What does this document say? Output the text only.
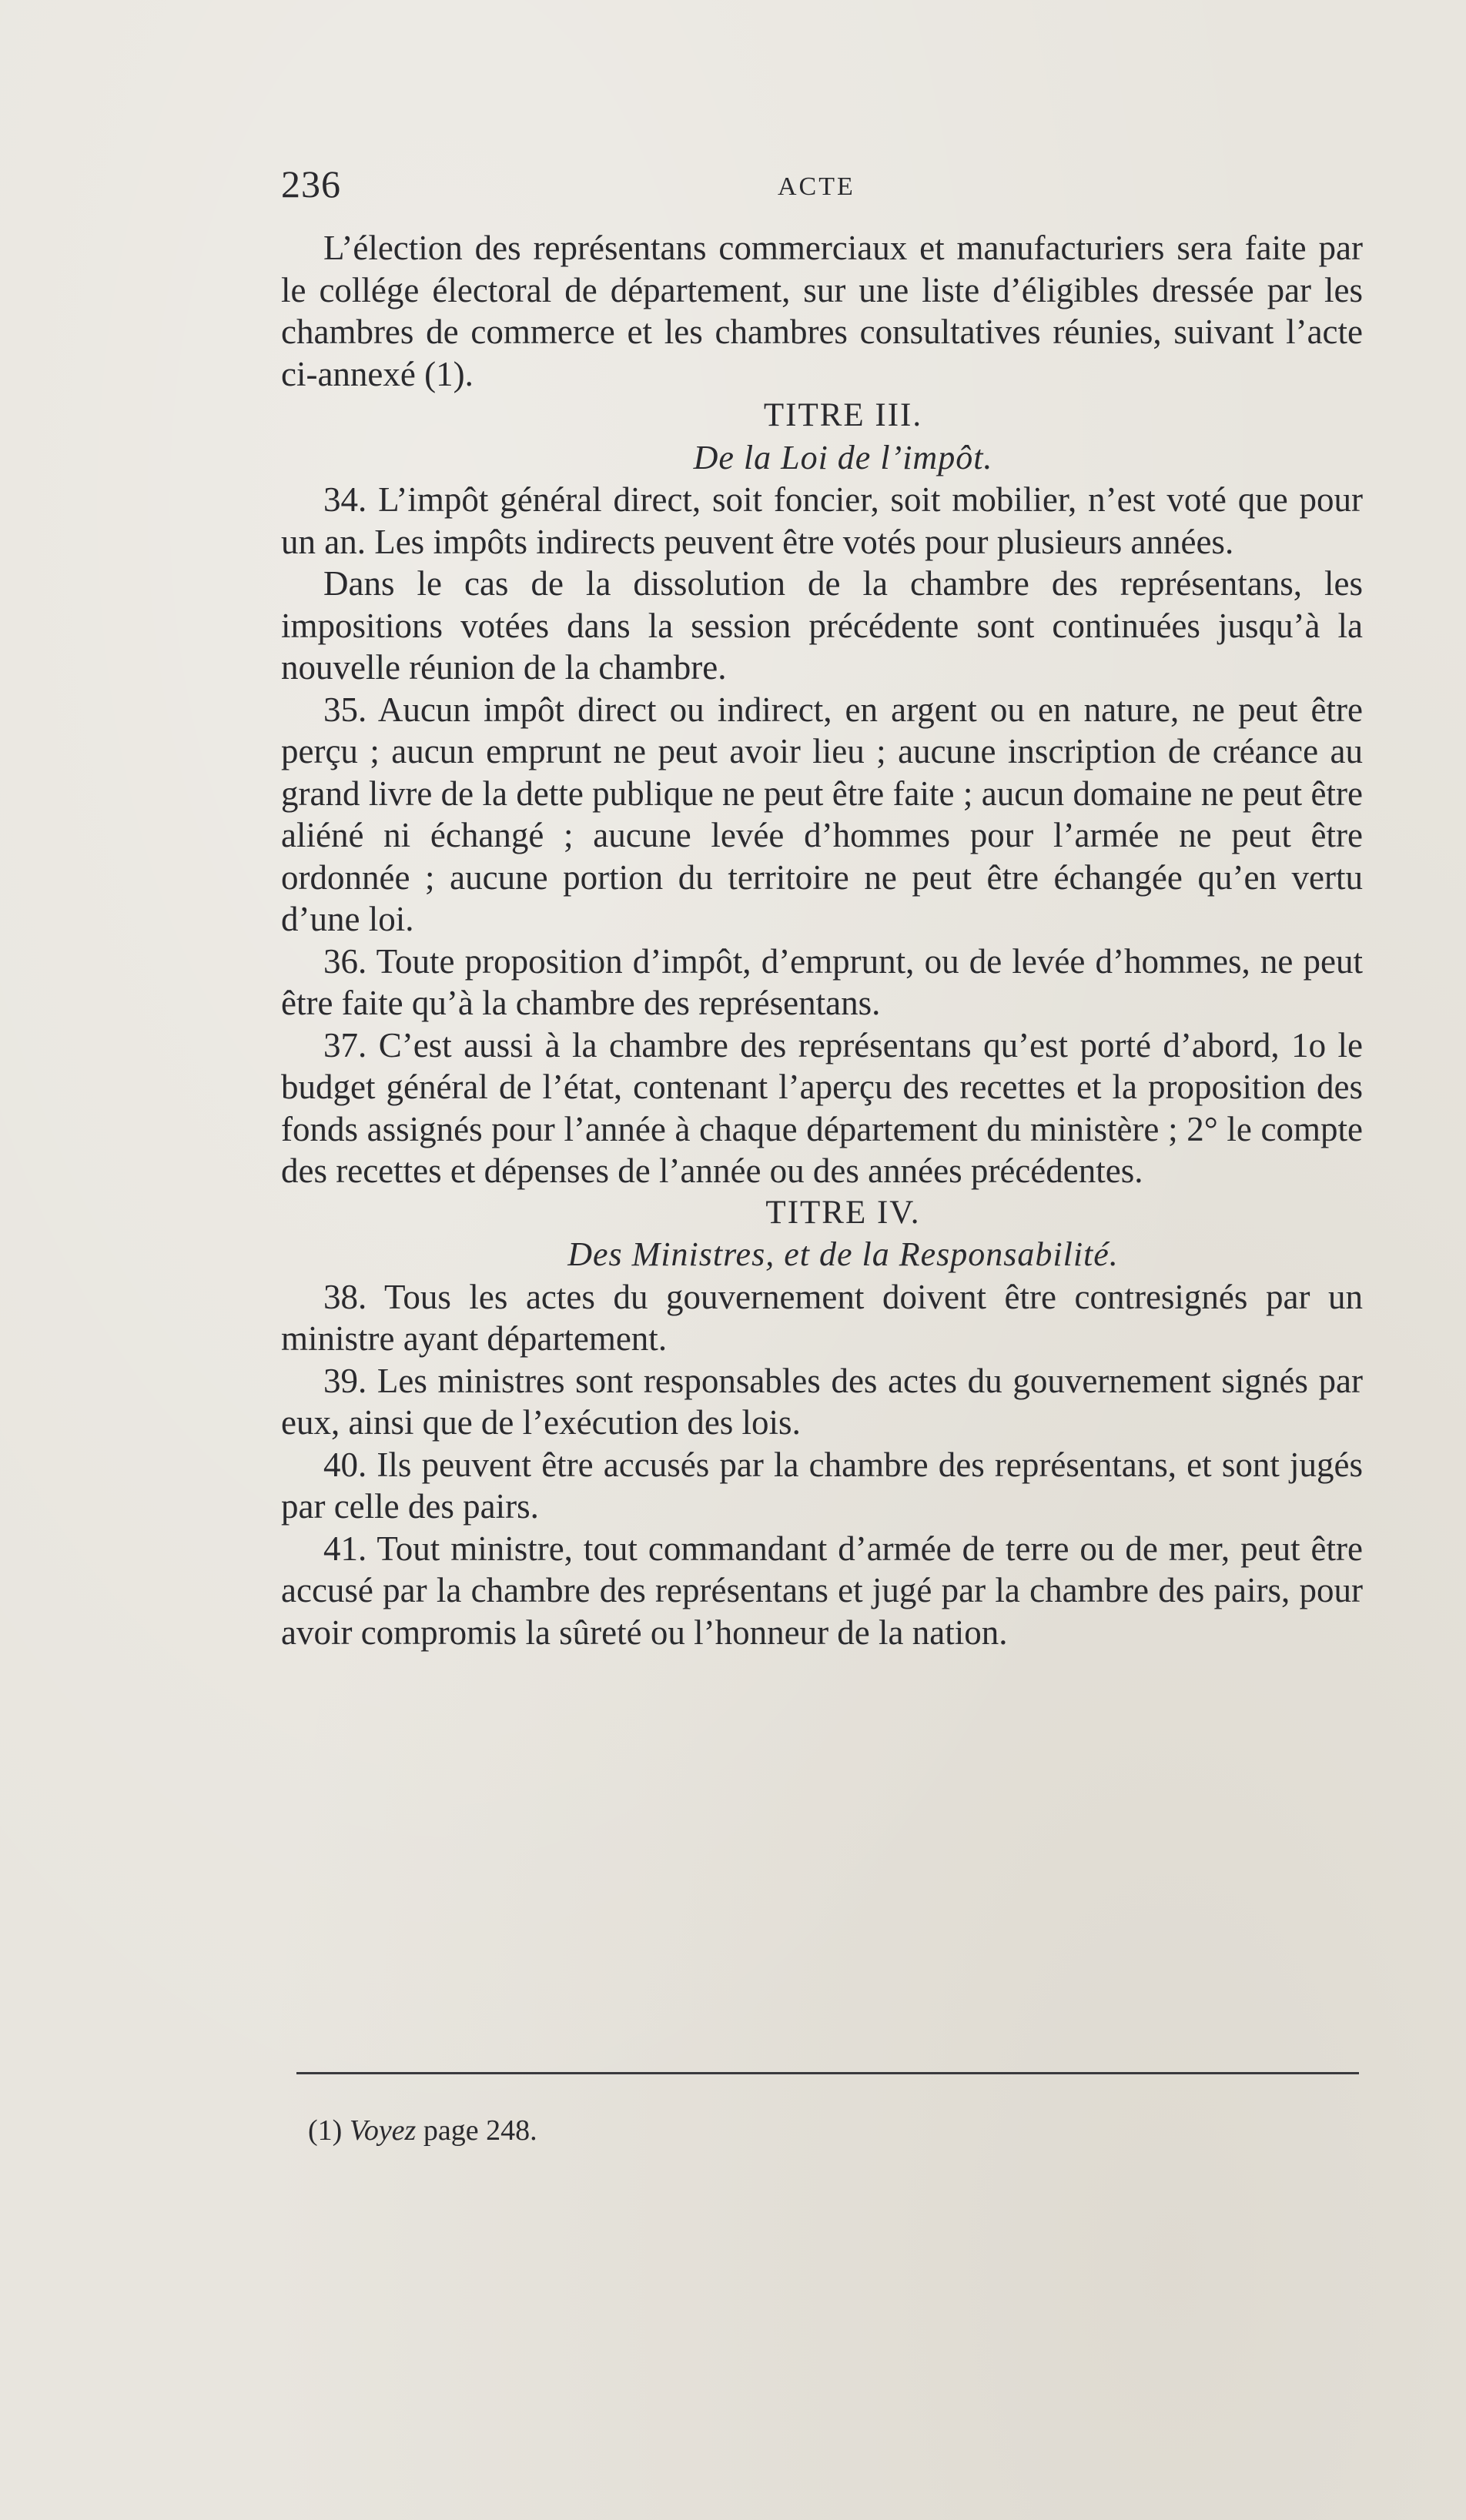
236	ACTE

L’élection des représentans commerciaux et manufacturiers sera faite par le collége électoral de département, sur une liste d’éligibles dressée par les chambres de commerce et les chambres consultatives réunies, suivant l’acte ci-annexé (1).

TITRE III.

De la Loi de l’impôt.

34. L’impôt général direct, soit foncier, soit mobilier, n’est voté que pour un an. Les impôts indirects peuvent être votés pour plusieurs années.

Dans le cas de la dissolution de la chambre des représentans, les impositions votées dans la session précédente sont continuées jusqu’à la nouvelle réunion de la chambre.

35. Aucun impôt direct ou indirect, en argent ou en nature, ne peut être perçu ; aucun emprunt ne peut avoir lieu ; aucune inscription de créance au grand livre de la dette publique ne peut être faite ; aucun domaine ne peut être aliéné ni échangé ; aucune levée d’hommes pour l’armée ne peut être ordonnée ; aucune portion du territoire ne peut être échangée qu’en vertu d’une loi.

36. Toute proposition d’impôt, d’emprunt, ou de levée d’hommes, ne peut être faite qu’à la chambre des représentans.

37. C’est aussi à la chambre des représentans qu’est porté d’abord, 1o le budget général de l’état, contenant l’aperçu des recettes et la proposition des fonds assignés pour l’année à chaque département du ministère ; 2° le compte des recettes et dépenses de l’année ou des années précédentes.

TITRE IV.

Des Ministres, et de la Responsabilité.

38. Tous les actes du gouvernement doivent être contresignés par un ministre ayant département.

39. Les ministres sont responsables des actes du gouvernement signés par eux, ainsi que de l’exécution des lois.

40. Ils peuvent être accusés par la chambre des représentans, et sont jugés par celle des pairs.

41. Tout ministre, tout commandant d’armée de terre ou de mer, peut être accusé par la chambre des représentans et jugé par la chambre des pairs, pour avoir compromis la sûreté ou l’honneur de la nation.

(1) Voyez page 248.
